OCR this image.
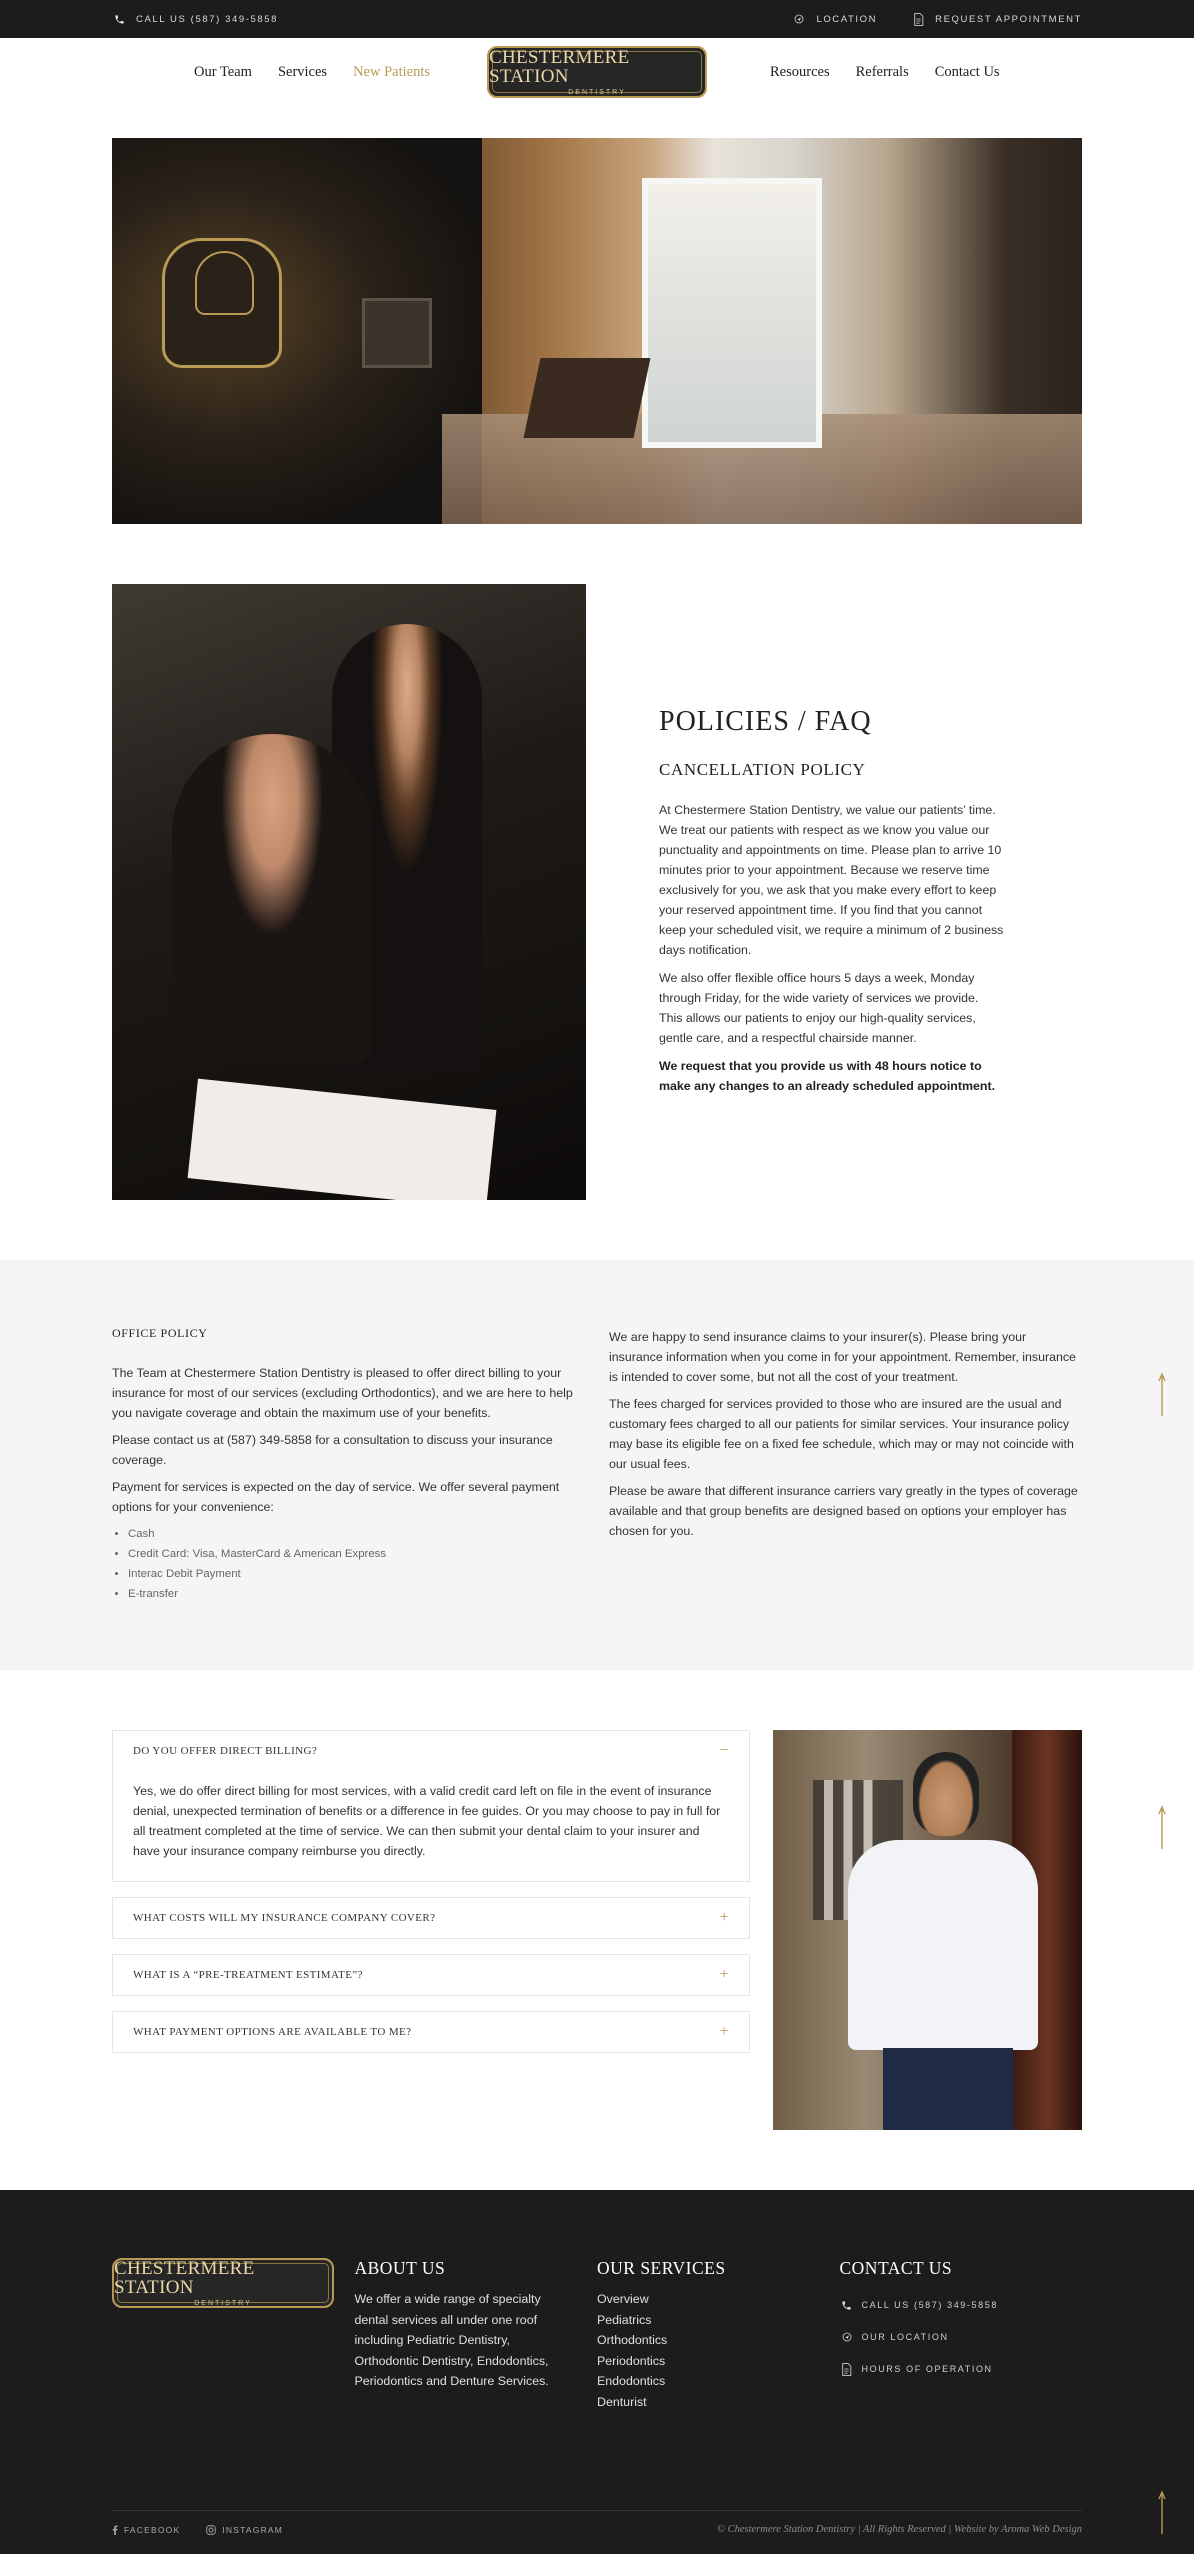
CALL US (587) 349-5858	LOCATION	REQUEST APPOINTMENT
Our Team Services New Patients
CHESTERMERE STATION
DENTISTRY
Resources Referrals Contact Us
POLICIES / FAQ
CANCELLATION POLICY

At Chestermere Station Dentistry, we value our patients’ time. We treat our patients with respect as we know you value our punctuality and appointments on time. Please plan to arrive 10 minutes prior to your appointment. Because we reserve time exclusively for you, we ask that you make every effort to keep your reserved appointment time. If you find that you cannot keep your scheduled visit, we require a minimum of 2 business days notification.

We also offer flexible office hours 5 days a week, Monday through Friday, for the wide variety of services we provide. This allows our patients to enjoy our high-quality services, gentle care, and a respectful chairside manner.

We request that you provide us with 48 hours notice to make any changes to an already scheduled appointment.

OFFICE POLICY

The Team at Chestermere Station Dentistry is pleased to offer direct billing to your insurance for most of our services (excluding Orthodontics), and we are here to help you navigate coverage and obtain the maximum use of your benefits.

Please contact us at (587) 349-5858 for a consultation to discuss your insurance coverage.

Payment for services is expected on the day of service. We offer several payment options for your convenience:

• Cash
• Credit Card: Visa, MasterCard & American Express
• Interac Debit Payment
• E-transfer

We are happy to send insurance claims to your insurer(s). Please bring your insurance information when you come in for your appointment. Remember, insurance is intended to cover some, but not all the cost of your treatment.

The fees charged for services provided to those who are insured are the usual and customary fees charged to all our patients for similar services. Your insurance policy may base its eligible fee on a fixed fee schedule, which may or may not coincide with our usual fees.

Please be aware that different insurance carriers vary greatly in the types of coverage available and that group benefits are designed based on options your employer has chosen for you.

DO YOU OFFER DIRECT BILLING?	−
Yes, we do offer direct billing for most services, with a valid credit card left on file in the event of insurance denial, unexpected termination of benefits or a difference in fee guides. Or you may choose to pay in full for all treatment completed at the time of service. We can then submit your dental claim to your insurer and have your insurance company reimburse you directly.
WHAT COSTS WILL MY INSURANCE COMPANY COVER?	+
WHAT IS A “PRE-TREATMENT ESTIMATE”?	+
WHAT PAYMENT OPTIONS ARE AVAILABLE TO ME?	+
CHESTERMERE STATION
DENTISTRY
ABOUT US

We offer a wide range of specialty dental services all under one roof including Pediatric Dentistry, Orthodontic Dentistry, Endodontics, Periodontics and Denture Services.

OUR SERVICES
Overview
Pediatrics
Orthodontics
Periodontics
Endodontics
Denturist
CONTACT US
CALL US (587) 349-5858
OUR LOCATION
HOURS OF OPERATION
FACEBOOK	INSTAGRAM	© Chestermere Station Dentistry | All Rights Reserved | Website by Aroma Web Design
